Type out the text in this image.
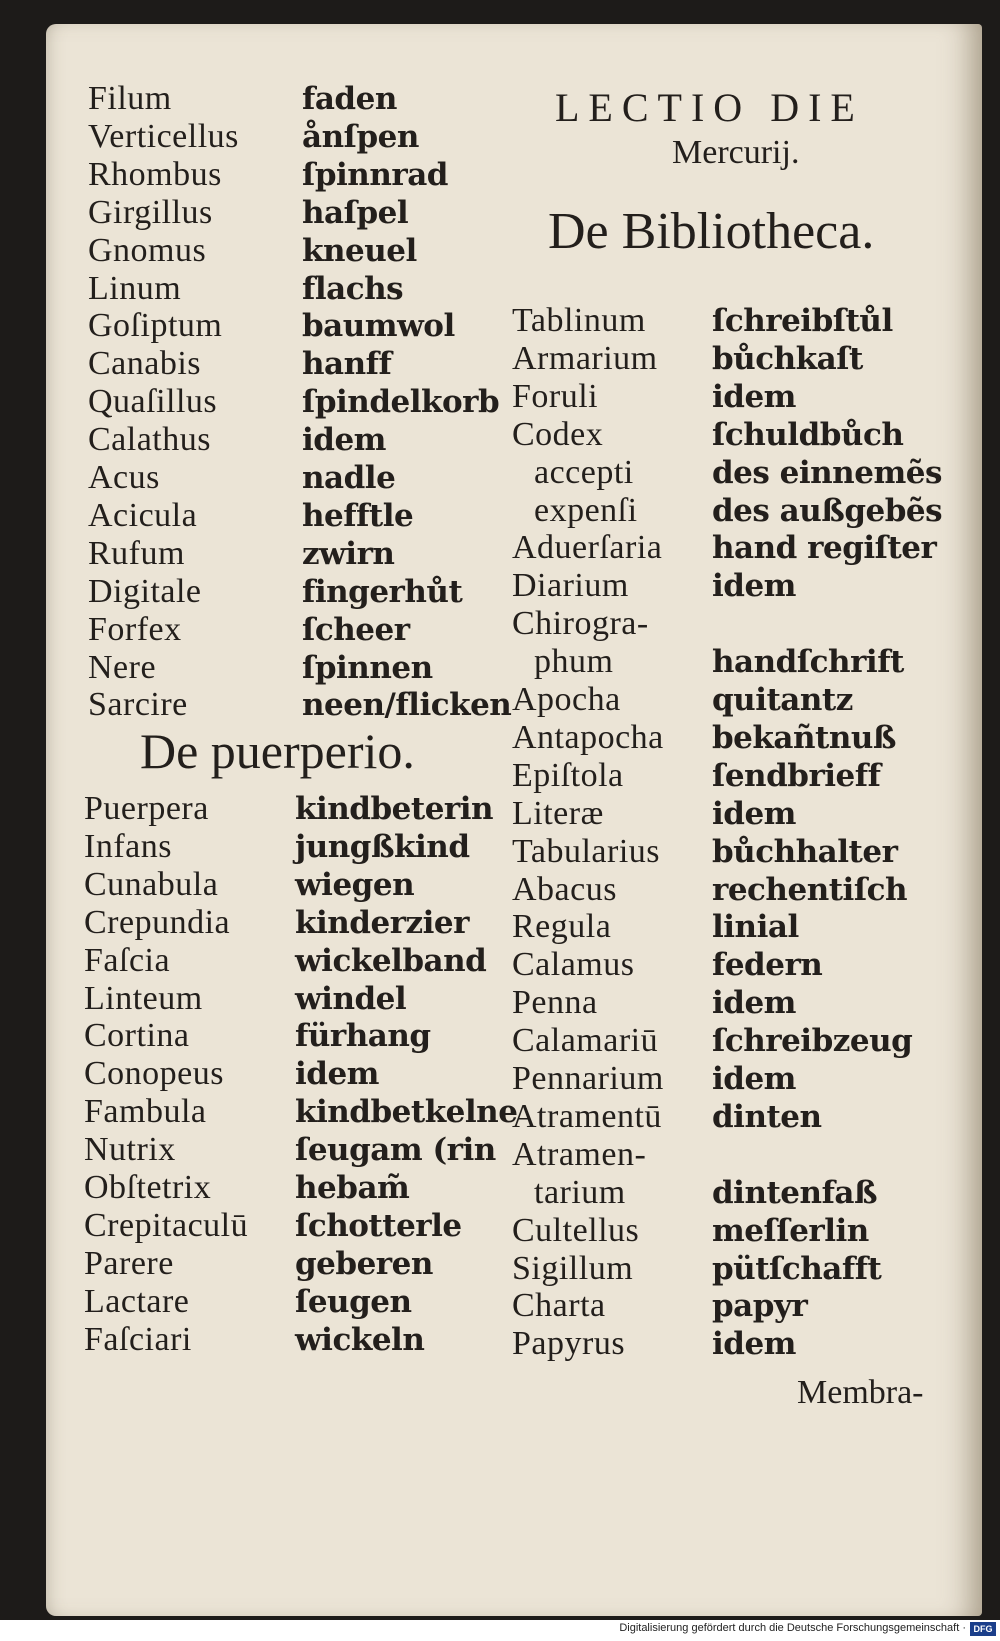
LECTIO DIE
Mercurij.
De Bibliotheca.
De puerperio.
Membra-
Filum
Verticellus
Rhombus
Girgillus
Gnomus
Linum
Goſiptum
Canabis
Quaſillus
Calathus
Acus
Acicula
Rufum
Digitale
Forfex
Nere
Sarcire
faden
ånſpen
ſpinnrad
haſpel
kneuel
flachs
baumwol
hanff
ſpindelkorb
idem
nadle
hefftle
zwirn
fingerhůt
ſcheer
ſpinnen
neen/flicken
Puerpera
Infans
Cunabula
Crepundia
Faſcia
Linteum
Cortina
Conopeus
Fambula
Nutrix
Obſtetrix
Crepitaculū
Parere
Lactare
Faſciari
kindbeterin
jungßkind
wiegen
kinderzier
wickelband
windel
fürhang
idem
kindbetkelne
ſeugam (rin
hebam̃
ſchotterle
geberen
ſeugen
wickeln
Tablinum
Armarium
Foruli
Codex
accepti
expenſi
Aduerſaria
Diarium
Chirogra-
phum
Apocha
Antapocha
Epiſtola
Literæ
Tabularius
Abacus
Regula
Calamus
Penna
Calamariū
Pennarium
Atramentū
Atramen-
tarium
Cultellus
Sigillum
Charta
Papyrus
ſchreibſtůl
bůchkaſt
idem
ſchuldbůch
des einnemẽs
des außgebẽs
hand regiſter
idem
handſchrift
quitantz
bekañtnuß
ſendbrieff
idem
bůchhalter
rechentiſch
linial
federn
idem
ſchreibzeug
idem
dinten
dintenfaß
meſſerlin
pütſchafft
papyr
idem
Digitalisierung gefördert durch die Deutsche Forschungsgemeinschaft · DFG
